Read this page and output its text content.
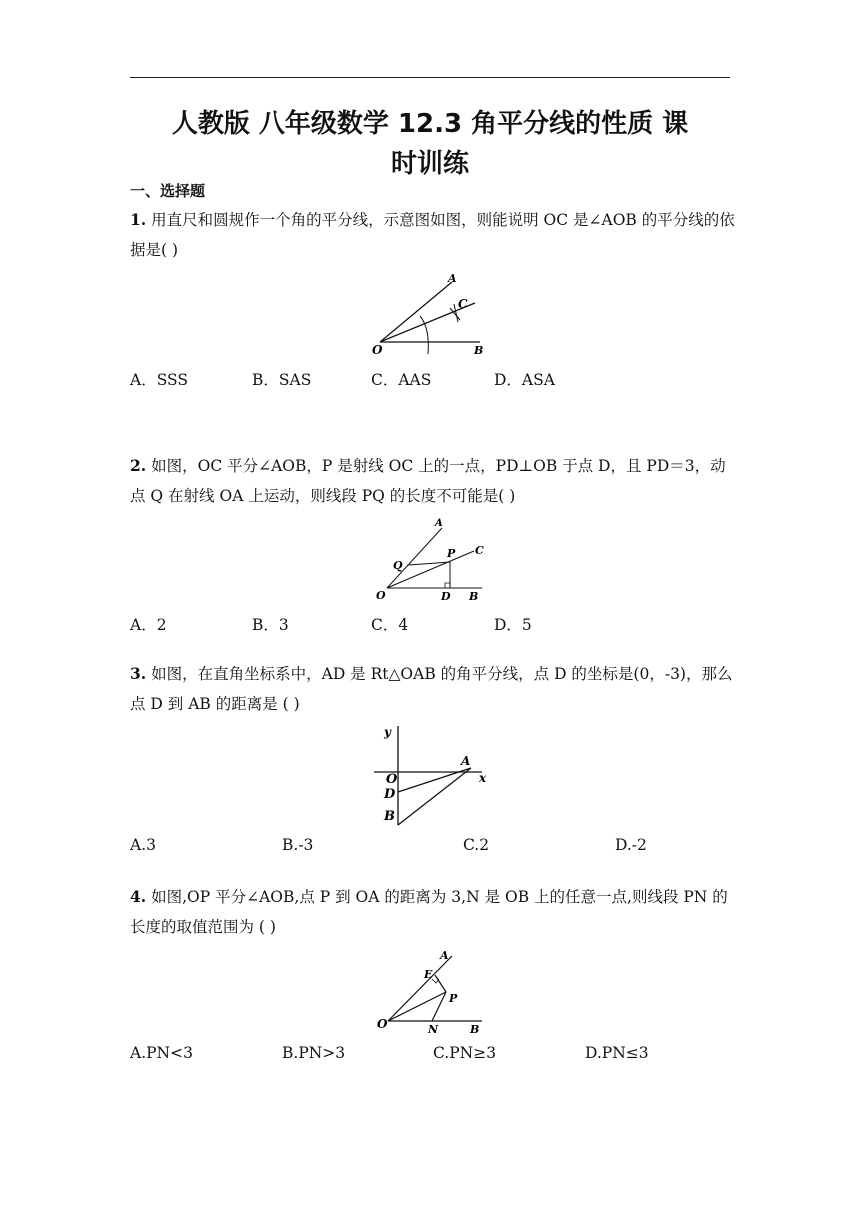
人教版 八年级数学 12.3 角平分线的性质 课
时训练
一、选择题
1. 用直尺和圆规作一个角的平分线，示意图如图，则能说明 OC 是∠AOB 的平分线的依据是( )
A
C
O	B
A．SSS	B．SAS	C．AAS	D．ASA
2. 如图，OC 平分∠AOB，P 是射线 OC 上的一点，PD⊥OB 于点 D，且 PD＝3，动点 Q 在射线 OA 上运动，则线段 PQ 的长度不可能是( )
A
P C
Q
O	D B
A．2	B．3	C．4	D．5
3. 如图，在直角坐标系中，AD 是 Rt△OAB 的角平分线，点 D 的坐标是(0，-3)，那么点 D 到 AB 的距离是 ( )
y
x
O
A
D
B
A.3	B.-3	C.2	D.-2
4. 如图,OP 平分∠AOB,点 P 到 OA 的距离为 3,N 是 OB 上的任意一点,则线段 PN 的长度的取值范围为 ( )
A
E
P
O	N	B
A.PN<3	B.PN>3	C.PN≥3	D.PN≤3
